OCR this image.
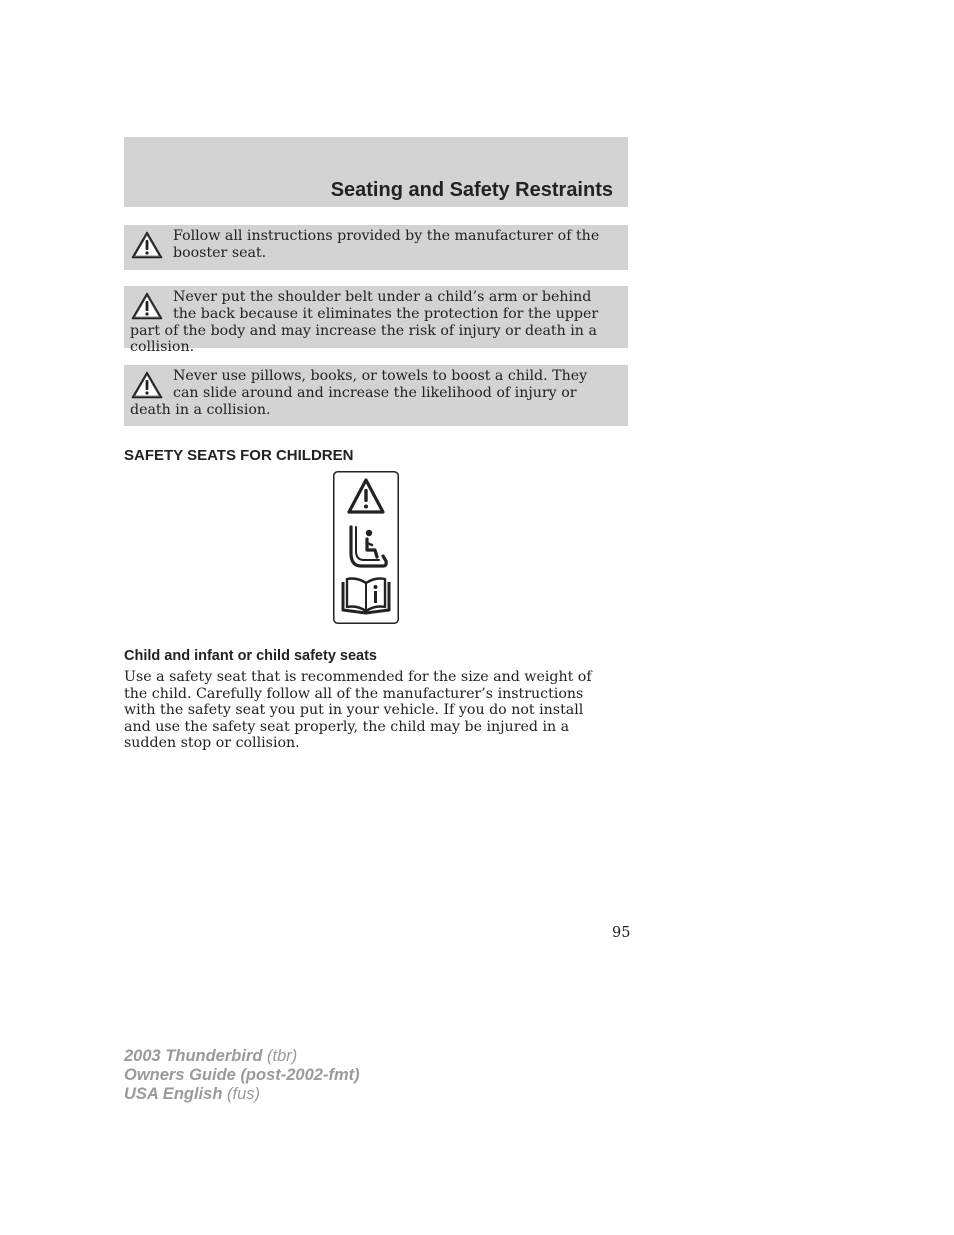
Seating and Safety Restraints
Follow all instructions provided by the manufacturer of the booster seat.
Never put the shoulder belt under a child’s arm or behind the back because it eliminates the protection for the upper part of the body and may increase the risk of injury or death in a collision.
Never use pillows, books, or towels to boost a child. They can slide around and increase the likelihood of injury or death in a collision.
SAFETY SEATS FOR CHILDREN
Child and infant or child safety seats
Use a safety seat that is recommended for the size and weight of the child. Carefully follow all of the manufacturer’s instructions with the safety seat you put in your vehicle. If you do not install and use the safety seat properly, the child may be injured in a sudden stop or collision.
95
2003 Thunderbird (tbr)
Owners Guide (post-2002-fmt)
USA English (fus)
